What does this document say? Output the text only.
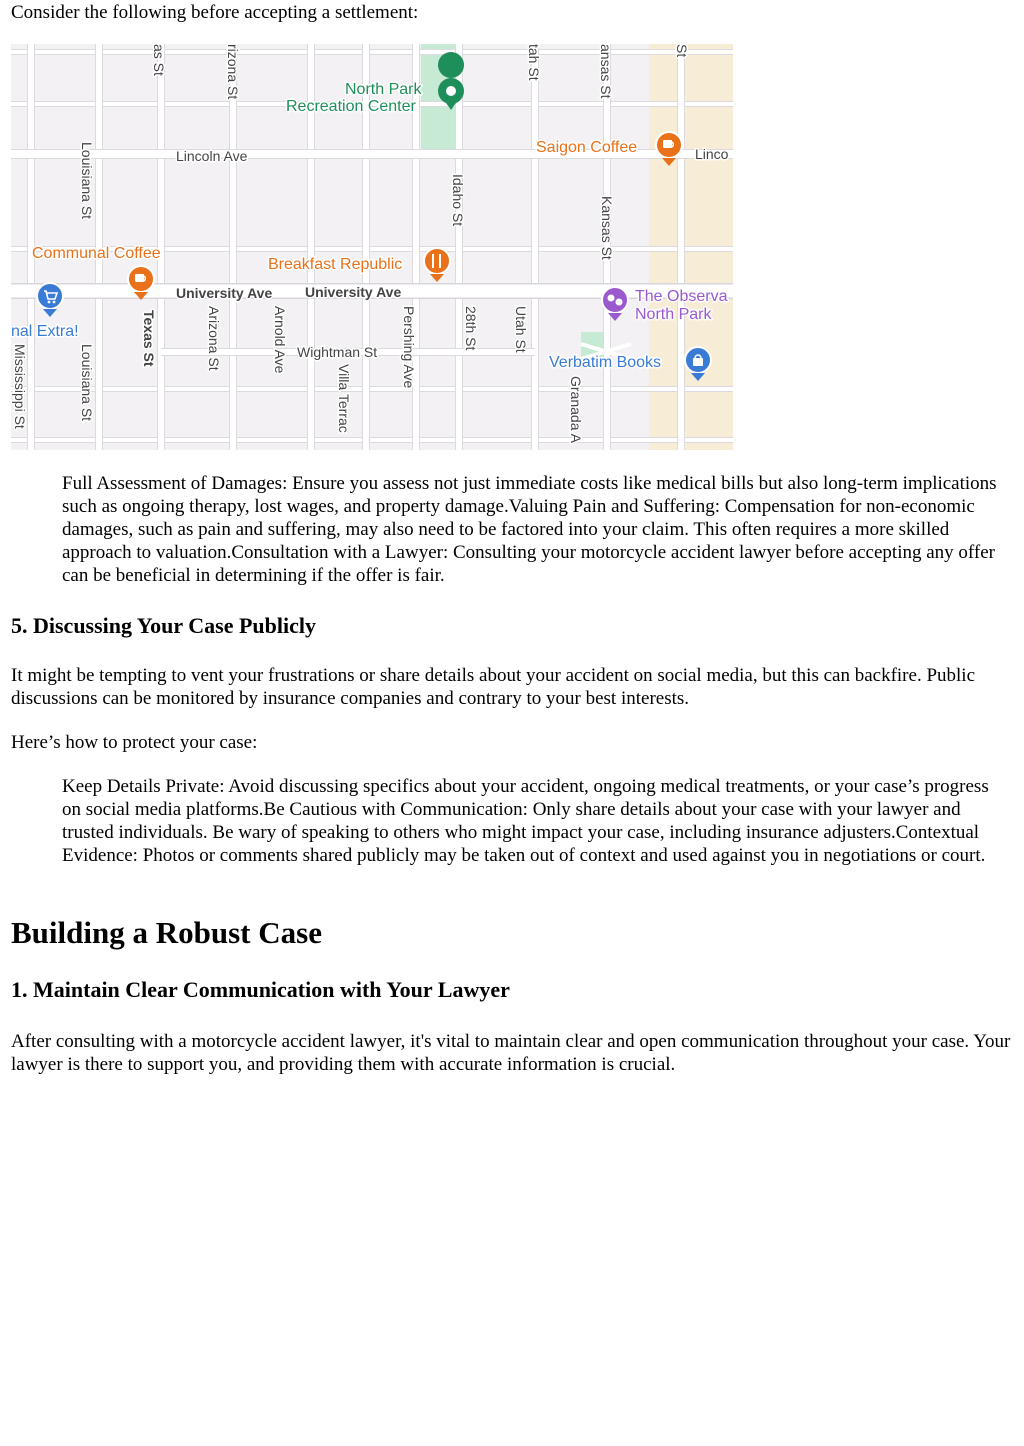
Consider the following before accepting a settlement:

Lincoln Ave	Linco
University Ave University Ave
Wightman St
Louisiana St
Louisiana St
as St
Texas St
rizona St
Arizona St	Arnold Ave
Villa Terrac
Pershing Ave
Idaho St
28th St
tah St
Utah St
ansas St
Kansas St
Granada A
Mississippi St
St
North Park
Recreation Center
Saigon Coffee
Communal Coffee
Breakfast Republic
nal Extra!
The Observa
North Park
Verbatim Books

Full Assessment of Damages: Ensure you assess not just immediate costs like medical bills but also long-term implications such as ongoing therapy, lost wages, and property damage.Valuing Pain and Suffering: Compensation for non-economic damages, such as pain and suffering, may also need to be factored into your claim. This often requires a more skilled approach to valuation.Consultation with a Lawyer: Consulting your motorcycle accident lawyer before accepting any offer can be beneficial in determining if the offer is fair.

5. Discussing Your Case Publicly

It might be tempting to vent your frustrations or share details about your accident on social media, but this can backfire. Public discussions can be monitored by insurance companies and contrary to your best interests.

Here’s how to protect your case:

Keep Details Private: Avoid discussing specifics about your accident, ongoing medical treatments, or your case’s progress on social media platforms.Be Cautious with Communication: Only share details about your case with your lawyer and trusted individuals. Be wary of speaking to others who might impact your case, including insurance adjusters.Contextual Evidence: Photos or comments shared publicly may be taken out of context and used against you in negotiations or court.

Building a Robust Case
1. Maintain Clear Communication with Your Lawyer

After consulting with a motorcycle accident lawyer, it's vital to maintain clear and open communication throughout your case. Your lawyer is there to support you, and providing them with accurate information is crucial.
